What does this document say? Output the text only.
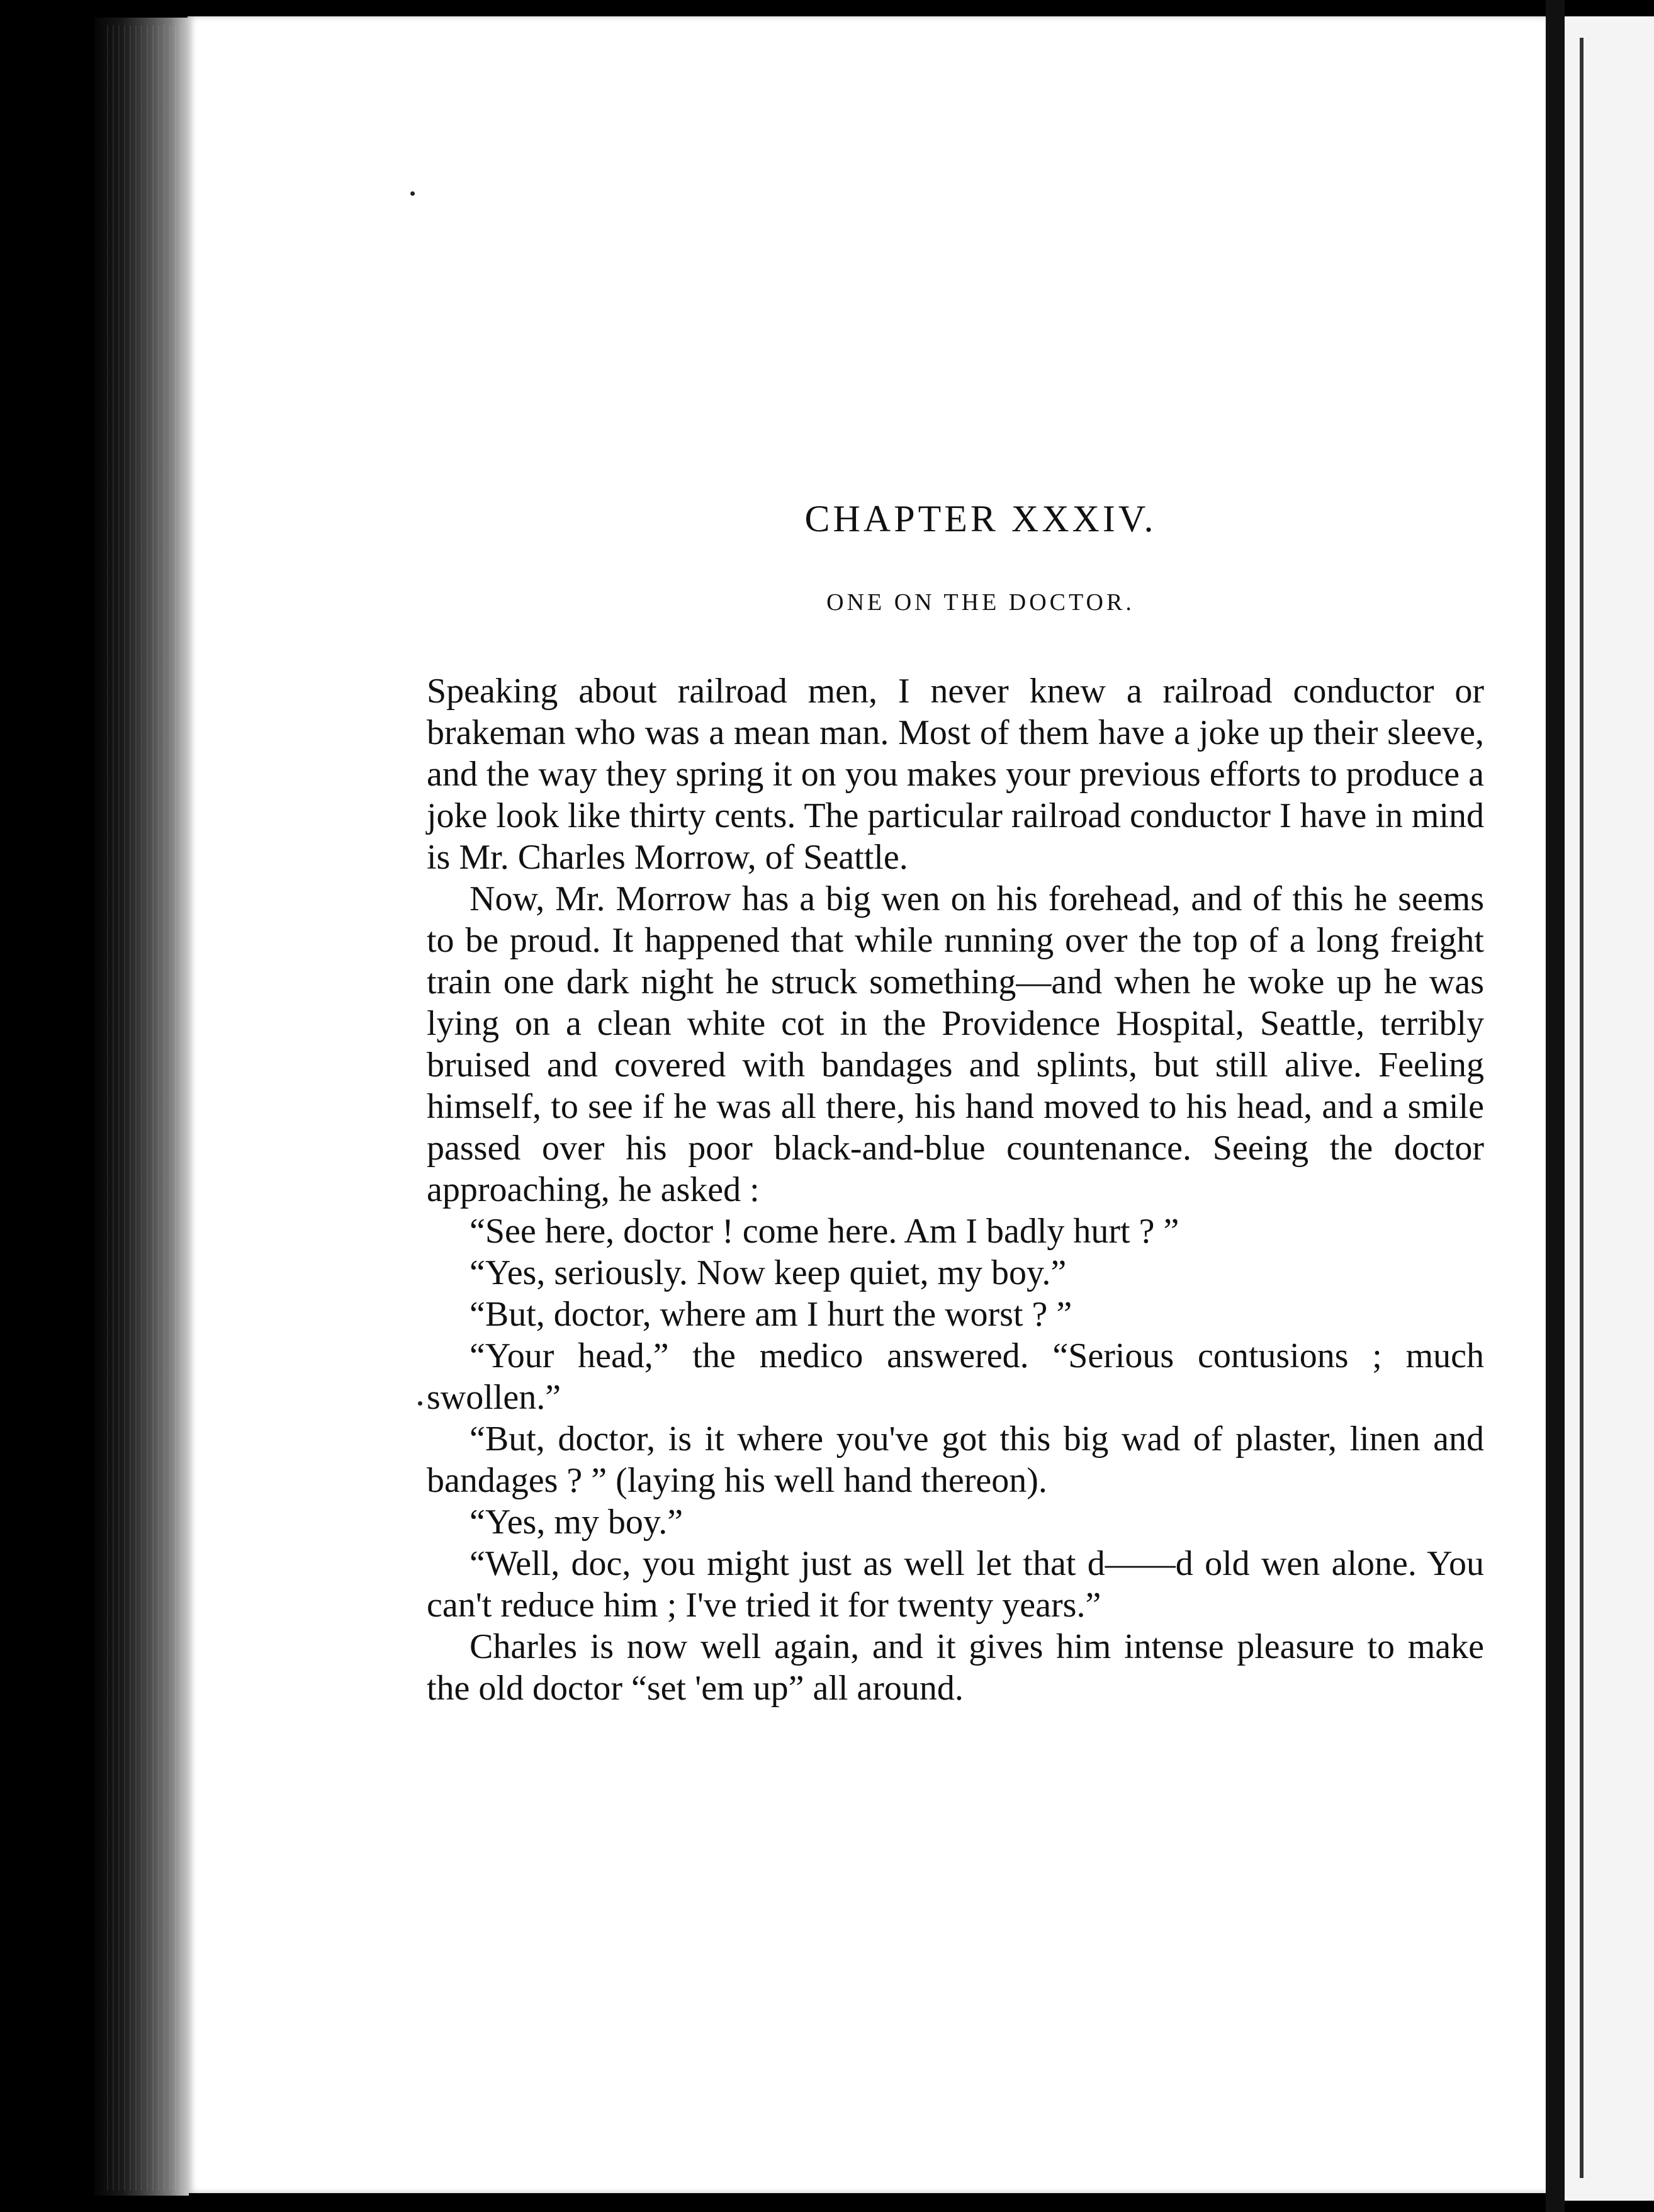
CHAPTER XXXIV.
ONE ON THE DOCTOR.

Speaking about railroad men, I never knew a railroad conductor or brakeman who was a mean man. Most of them have a joke up their sleeve, and the way they spring it on you makes your previous efforts to produce a joke look like thirty cents. The particular railroad conductor I have in mind is Mr. Charles Morrow, of Seattle.

Now, Mr. Morrow has a big wen on his forehead, and of this he seems to be proud. It happened that while running over the top of a long freight train one dark night he struck something—and when he woke up he was lying on a clean white cot in the Providence Hospital, Seattle, terribly bruised and covered with bandages and splints, but still alive. Feeling himself, to see if he was all there, his hand moved to his head, and a smile passed over his poor black-and-blue countenance. Seeing the doctor approaching, he asked :

“See here, doctor ! come here. Am I badly hurt ? ”

“Yes, seriously. Now keep quiet, my boy.”

“But, doctor, where am I hurt the worst ? ”

“Your head,” the medico answered. “Serious contusions ; much swollen.”

“But, doctor, is it where you've got this big wad of plaster, linen and bandages ? ” (laying his well hand thereon).

“Yes, my boy.”

“Well, doc, you might just as well let that d——d old wen alone. You can't reduce him ; I've tried it for twenty years.”

Charles is now well again, and it gives him intense pleasure to make the old doctor “set 'em up” all around.
